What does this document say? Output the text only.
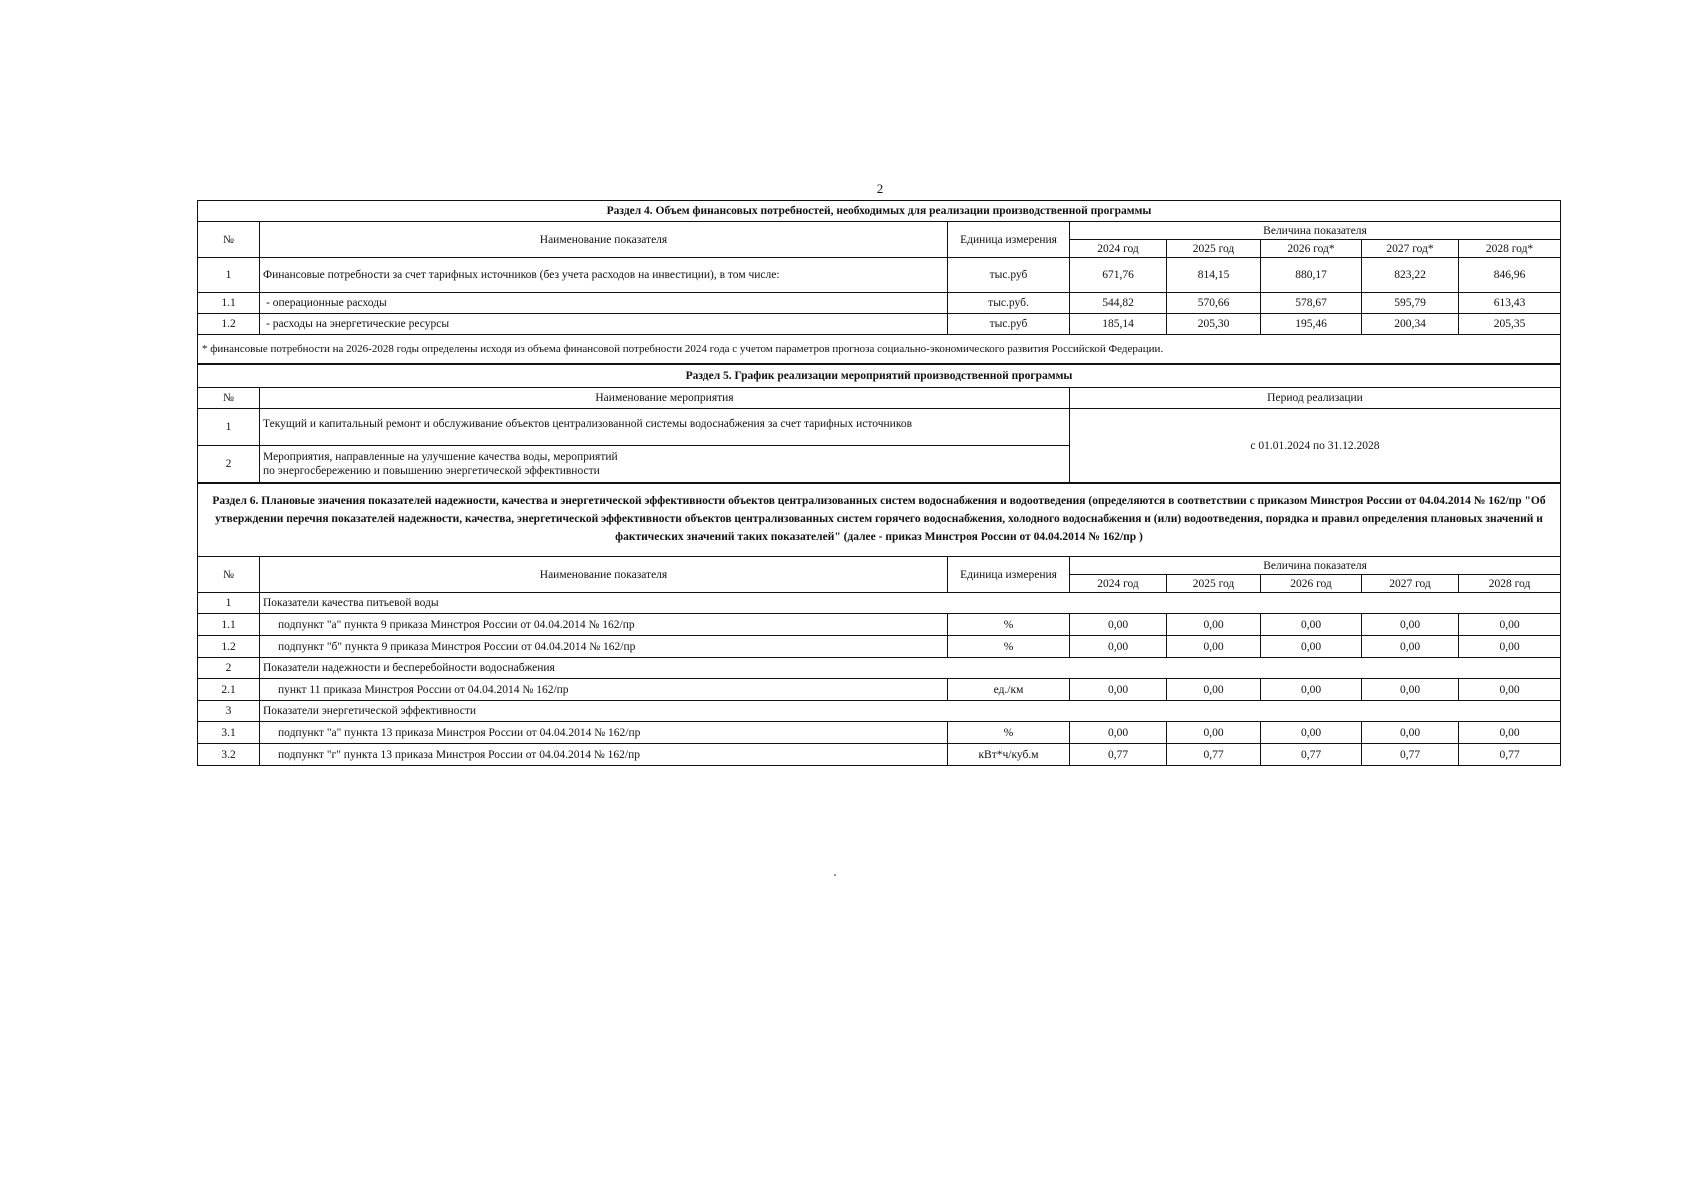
2
Раздел 4. Объем финансовых потребностей, необходимых для реализации производственной программы							
№	Наименование показателя	Единица измерения	Величина показателя				
			2024 год	2025 год	2026 год*	2027 год*	2028 год*
1	Финансовые потребности за счет тарифных источников (без учета расходов на инвестиции), в том числе:	тыс.руб	671,76	814,15	880,17	823,22	846,96
1.1	- операционные расходы	тыс.руб.	544,82	570,66	578,67	595,79	613,43
1.2	- расходы на энергетические ресурсы	тыс.руб	185,14	205,30	195,46	200,34	205,35
* финансовые потребности на 2026-2028 годы определены исходя из объема финансовой потребности 2024 года с учетом параметров прогноза социально-экономического развития Российской Федерации.							
Раздел 5. График реализации мероприятий производственной программы		
№	Наименование мероприятия	Период реализации
1	Текущий и капитальный ремонт и обслуживание объектов централизованной системы водоснабжения за счет тарифных источников	с 01.01.2024 по 31.12.2028
2	Мероприятия, направленные на улучшение качества воды, мероприятий
по энергосбережению и повышению энергетической эффективности	
Раздел 6. Плановые значения показателей надежности, качества и энергетической эффективности объектов централизованных систем водоснабжения и водоотведения (определяются в соответствии с приказом Минстроя России от 04.04.2014 № 162/пр "Об утверждении перечня показателей надежности, качества, энергетической эффективности объектов централизованных систем горячего водоснабжения, холодного водоснабжения и (или) водоотведения, порядка и правил определения плановых значений и фактических значений таких показателей" (далее - приказ Минстроя России от 04.04.2014 № 162/пр )
№	Наименование показателя	Единица измерения	Величина показателя				
			2024 год	2025 год	2026 год	2027 год	2028 год
1	Показатели качества питьевой воды						
1.1	подпункт "а" пункта 9 приказа Минстроя России от 04.04.2014 № 162/пр	%	0,00	0,00	0,00	0,00	0,00
1.2	подпункт "б" пункта 9 приказа Минстроя России от 04.04.2014 № 162/пр	%	0,00	0,00	0,00	0,00	0,00
2	Показатели надежности и бесперебойности водоснабжения						
2.1	пункт 11 приказа Минстроя России от 04.04.2014 № 162/пр	ед./км	0,00	0,00	0,00	0,00	0,00
3	Показатели энергетической эффективности						
3.1	подпункт "а" пункта 13 приказа Минстроя России от 04.04.2014 № 162/пр	%	0,00	0,00	0,00	0,00	0,00
3.2	подпункт "г" пункта 13 приказа Минстроя России от 04.04.2014 № 162/пр	кВт*ч/куб.м	0,77	0,77	0,77	0,77	0,77
